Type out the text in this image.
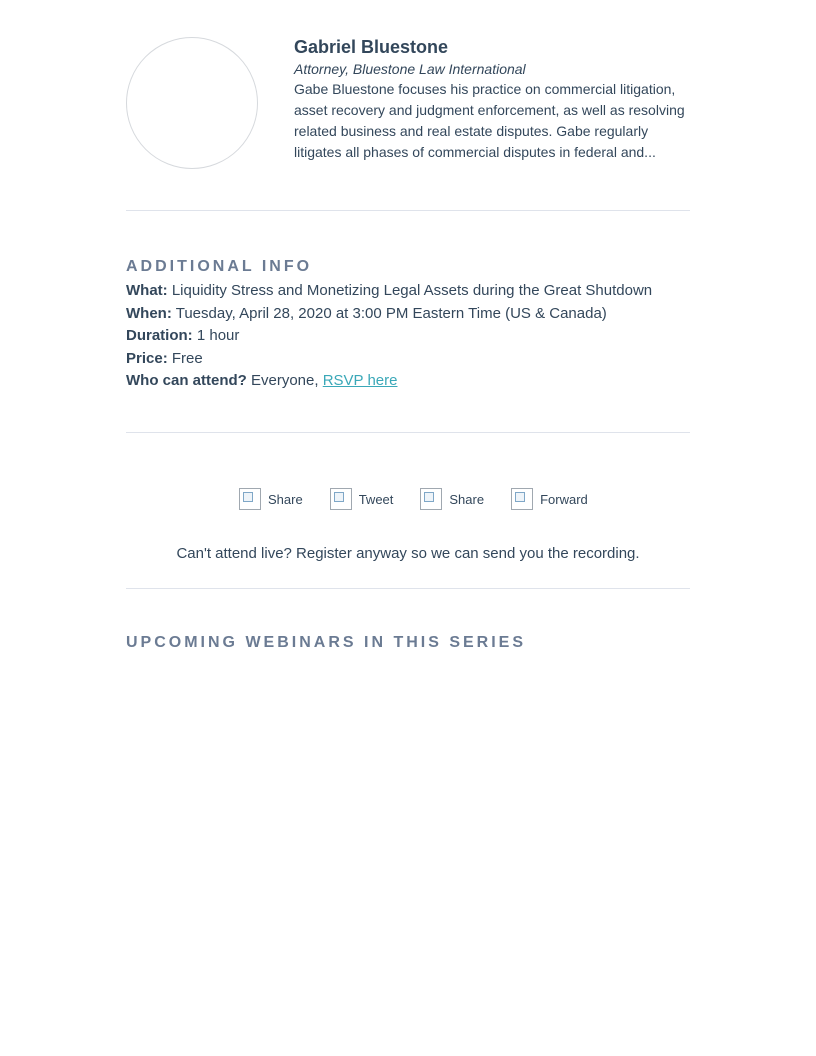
Gabriel Bluestone
Attorney, Bluestone Law International
Gabe Bluestone focuses his practice on commercial litigation, asset recovery and judgment enforcement, as well as resolving related business and real estate disputes. Gabe regularly litigates all phases of commercial disputes in federal and...
ADDITIONAL INFO
What: Liquidity Stress and Monetizing Legal Assets during the Great Shutdown
When: Tuesday, April 28, 2020 at 3:00 PM Eastern Time (US & Canada)
Duration: 1 hour
Price: Free
Who can attend? Everyone, RSVP here
Share	Tweet	Share	Forward
Can't attend live? Register anyway so we can send you the recording.
UPCOMING WEBINARS IN THIS SERIES
